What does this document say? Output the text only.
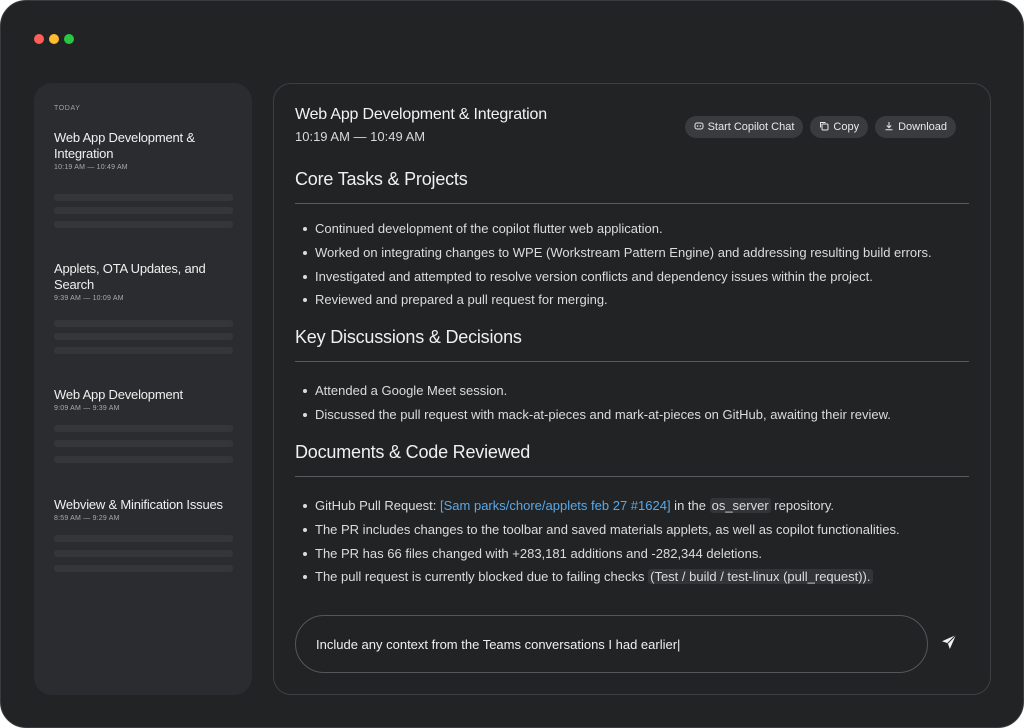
TODAY
Web App Development & Integration
10:19 AM — 10:49 AM
Applets, OTA Updates, and Search
9:39 AM — 10:09 AM
Web App Development
9:09 AM — 9:39 AM
Webview & Minification Issues
8:59 AM — 9:29 AM
Web App Development & Integration
10:19 AM — 10:49 AM
Start Copilot Chat	Copy	Download
Core Tasks & Projects
Continued development of the copilot flutter web application.
Worked on integrating changes to WPE (Workstream Pattern Engine) and addressing resulting build errors.
Investigated and attempted to resolve version conflicts and dependency issues within the project.
Reviewed and prepared a pull request for merging.
Key Discussions & Decisions
Attended a Google Meet session.
Discussed the pull request with mack-at-pieces and mark-at-pieces on GitHub, awaiting their review.
Documents & Code Reviewed
GitHub Pull Request: [Sam parks/chore/applets feb 27 #1624] in the os_server repository.
The PR includes changes to the toolbar and saved materials applets, as well as copilot functionalities.
The PR has 66 files changed with +283,181 additions and -282,344 deletions.
The pull request is currently blocked due to failing checks (Test / build / test-linux (pull_request)).
Include any context from the Teams conversations I had earlier|
